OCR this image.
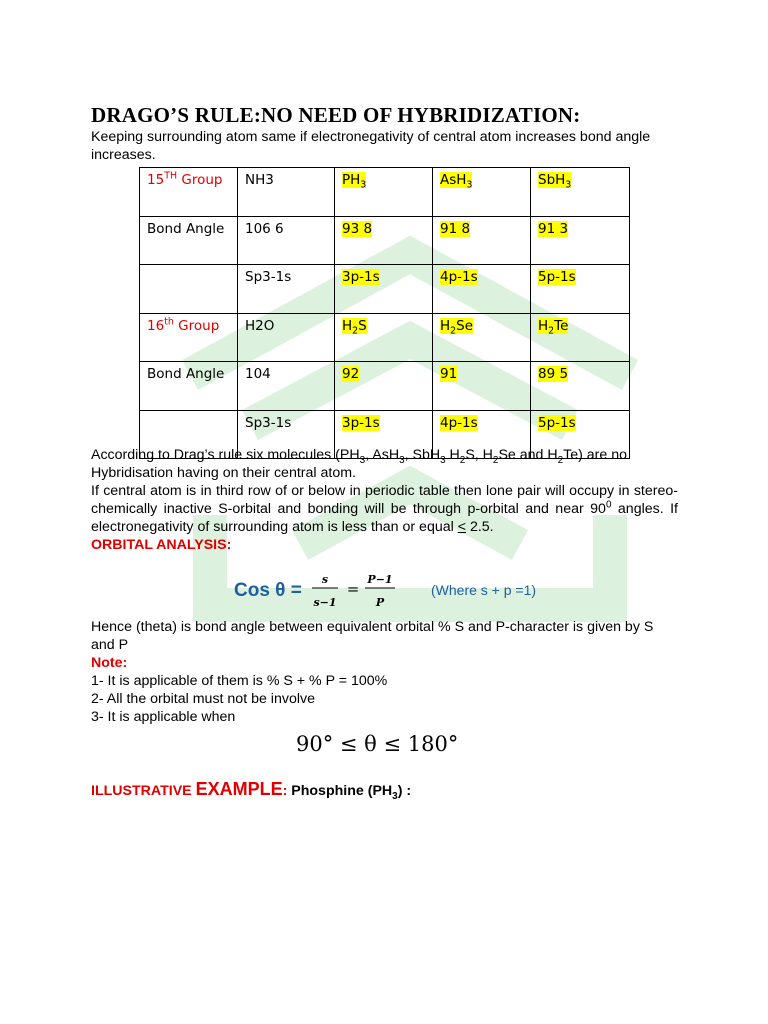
DRAGO’S RULE:NO NEED OF HYBRIDIZATION:
Keeping surrounding atom same if electronegativity of central atom increases bond angle increases.
15TH Group	NH3	$PH_3$	AsH$_3$	SbH$_3$
Bond Angle	106 6	93 8	91 8	91 3
	Sp3-1s	3p-1s	4p-1s	5p-1s
16th Group	H2O	$H_2S$	$H_2Se$	$H_2Te$
Bond Angle	104	92	91	89 5
	Sp3-1s	3p-1s	4p-1s	5p-1s
According to Drag’s rule six molecules ($PH_3$, AsH$_3$, SbH$_3$ $H_2S$, $H_2Se$ and $H_2Te$) are no Hybridisation having on their central atom.
If central atom is in third row of or below in periodic table then lone pair will occupy in stereo-chemically inactive S-orbital and bonding will be through p-orbital and near $90^0$ angles. If electronegativity of surrounding atom is less than or equal < 2.5.
ORBITAL ANALYSIS:
Cos θ =
s
s−1
=
P−1
P
(Where s + p =1)
Hence (theta) is bond angle between equivalent orbital % S and P-character is given by S and P
Note:
1- It is applicable of them is % S + % P = 100%
2- All the orbital must not be involve
3- It is applicable when
90° ≤ θ ≤ 180°
ILLUSTRATIVE EXAMPLE: Phosphine $(PH_3)$ :
